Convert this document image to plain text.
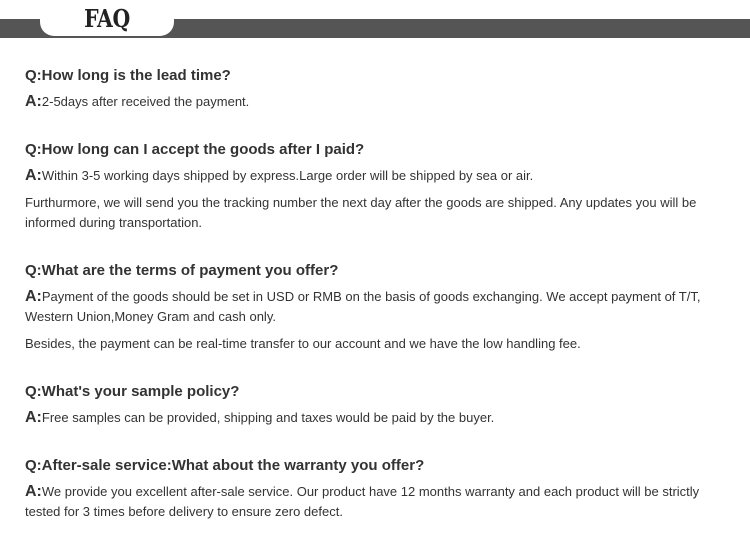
FAQ
Q:How long is the lead time?
A:2-5days after received the payment.
Q:How long can I accept the goods after I paid?
A:Within 3-5 working days shipped by express.Large order will be shipped by sea or air.
Furthurmore, we will send you the tracking number the next day after the goods are shipped. Any updates you will be informed during transportation.
Q:What are the terms of payment you offer?
A:Payment of the goods should be set in USD or RMB on the basis of goods exchanging. We accept payment of T/T, Western Union,Money Gram and cash only.
Besides, the payment can be real-time transfer to our account and we have the low handling fee.
Q:What's your sample policy?
A:Free samples can be provided, shipping and taxes would be paid by the buyer.
Q:After-sale service:What about the warranty you offer?
A:We provide you excellent after-sale service. Our product have 12 months warranty and each product will be strictly tested for 3 times before delivery to ensure zero defect.
